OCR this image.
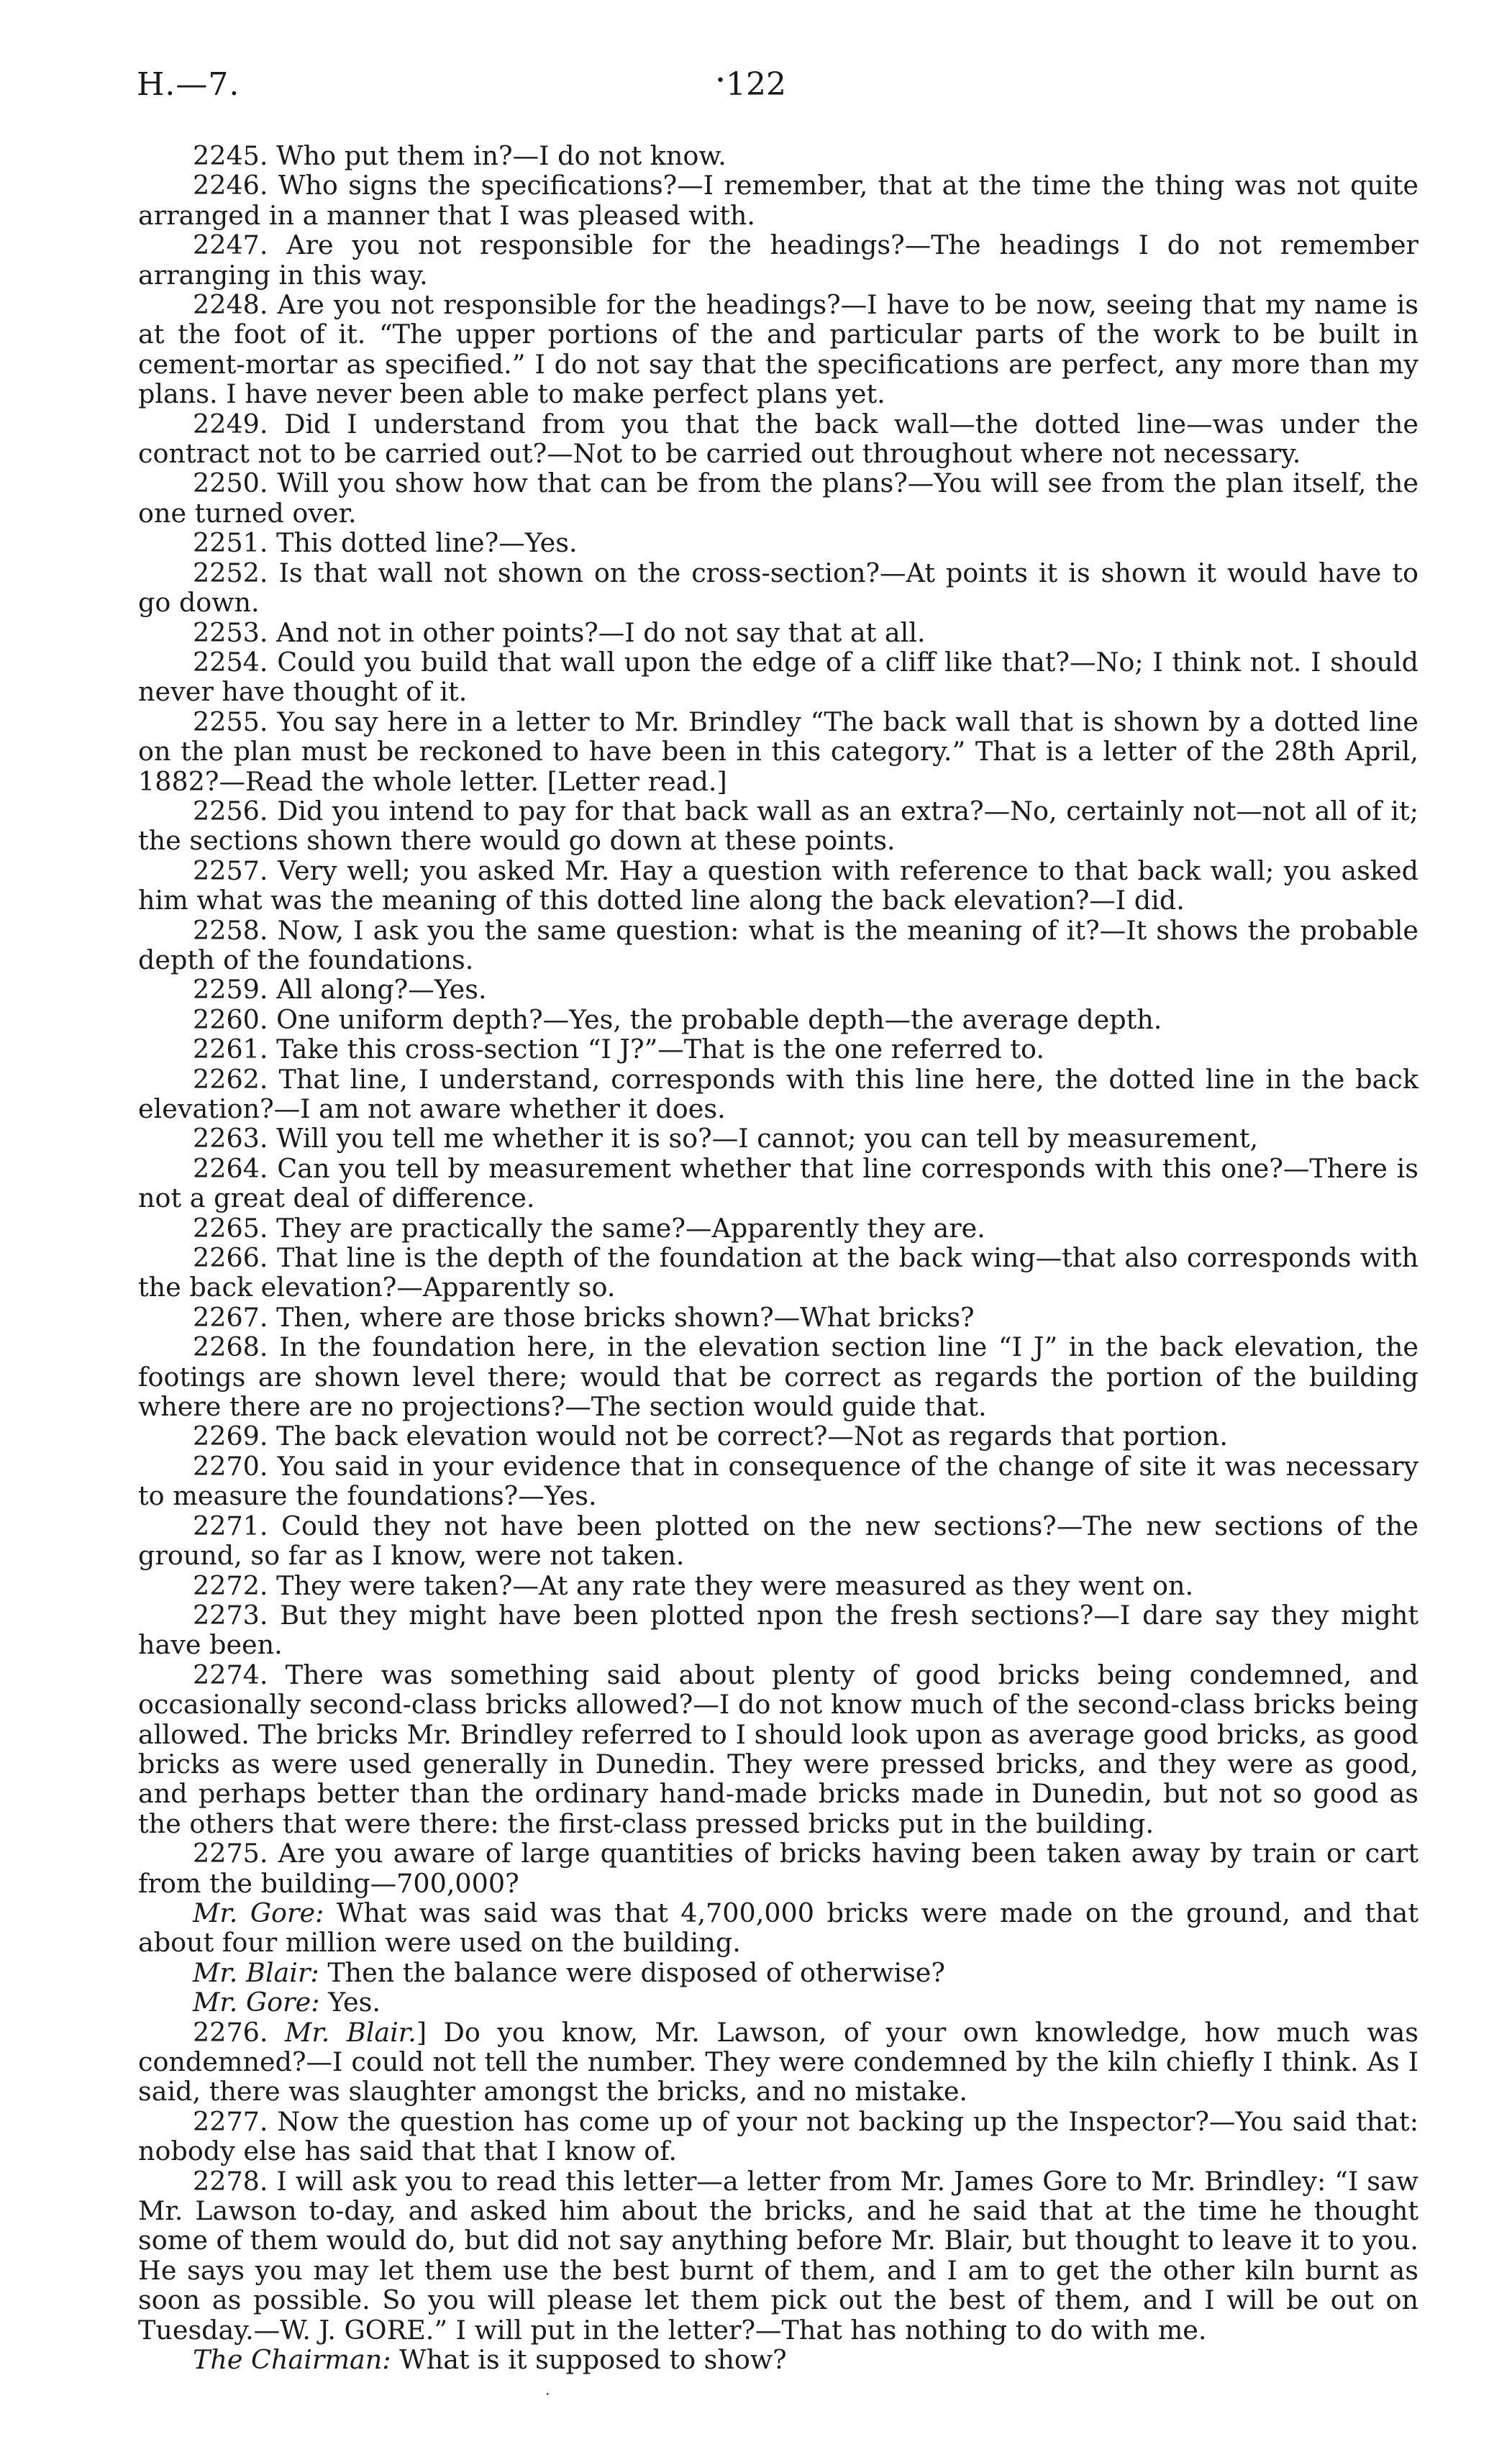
H.—7.	122
•

2245. Who put them in?—I do not know.

2246. Who signs the specifications?—I remember, that at the time the thing was not quite arranged in a manner that I was pleased with.

2247. Are you not responsible for the headings?—The headings I do not remember arranging in this way.

2248. Are you not responsible for the headings?—I have to be now, seeing that my name is at the foot of it. “The upper portions of the and particular parts of the work to be built in cement-mortar as specified.” I do not say that the specifications are perfect, any more than my plans. I have never been able to make perfect plans yet.

2249. Did I understand from you that the back wall—the dotted line—was under the contract not to be carried out?—Not to be carried out throughout where not necessary.

2250. Will you show how that can be from the plans?—You will see from the plan itself, the one turned over.

2251. This dotted line?—Yes.

2252. Is that wall not shown on the cross-section?—At points it is shown it would have to go down.

2253. And not in other points?—I do not say that at all.

2254. Could you build that wall upon the edge of a cliff like that?—No; I think not. I should never have thought of it.

2255. You say here in a letter to Mr. Brindley “The back wall that is shown by a dotted line on the plan must be reckoned to have been in this category.” That is a letter of the 28th April, 1882?—Read the whole letter. [Letter read.]

2256. Did you intend to pay for that back wall as an extra?—No, certainly not—not all of it; the sections shown there would go down at these points.

2257. Very well; you asked Mr. Hay a question with reference to that back wall; you asked him what was the meaning of this dotted line along the back elevation?—I did.

2258. Now, I ask you the same question: what is the meaning of it?—It shows the probable depth of the foundations.

2259. All along?—Yes.

2260. One uniform depth?—Yes, the probable depth—the average depth.

2261. Take this cross-section “I J?”—That is the one referred to.

2262. That line, I understand, corresponds with this line here, the dotted line in the back elevation?—I am not aware whether it does.

2263. Will you tell me whether it is so?—I cannot; you can tell by measurement,

2264. Can you tell by measurement whether that line corresponds with this one?—There is not a great deal of difference.

2265. They are practically the same?—Apparently they are.

2266. That line is the depth of the foundation at the back wing—that also corresponds with the back elevation?—Apparently so.

2267. Then, where are those bricks shown?—What bricks?

2268. In the foundation here, in the elevation section line “I J” in the back elevation, the footings are shown level there; would that be correct as regards the portion of the building where there are no projections?—The section would guide that.

2269. The back elevation would not be correct?—Not as regards that portion.

2270. You said in your evidence that in consequence of the change of site it was necessary to measure the foundations?—Yes.

2271. Could they not have been plotted on the new sections?—The new sections of the ground, so far as I know, were not taken.

2272. They were taken?—At any rate they were measured as they went on.

2273. But they might have been plotted npon the fresh sections?—I dare say they might have been.

2274. There was something said about plenty of good bricks being condemned, and occasionally second-class bricks allowed?—I do not know much of the second-class bricks being allowed. The bricks Mr. Brindley referred to I should look upon as average good bricks, as good bricks as were used generally in Dunedin. They were pressed bricks, and they were as good, and perhaps better than the ordinary hand-made bricks made in Dunedin, but not so good as the others that were there: the first-class pressed bricks put in the building.

2275. Are you aware of large quantities of bricks having been taken away by train or cart from the building—700,000?

Mr. Gore: What was said was that 4,700,000 bricks were made on the ground, and that about four million were used on the building.

Mr. Blair: Then the balance were disposed of otherwise?

Mr. Gore: Yes.

2276. Mr. Blair.] Do you know, Mr. Lawson, of your own knowledge, how much was condemned?—I could not tell the number. They were condemned by the kiln chiefly I think. As I said, there was slaughter amongst the bricks, and no mistake.

2277. Now the question has come up of your not backing up the Inspector?—You said that: nobody else has said that that I know of.

2278. I will ask you to read this letter—a letter from Mr. James Gore to Mr. Brindley: “I saw Mr. Lawson to-day, and asked him about the bricks, and he said that at the time he thought some of them would do, but did not say anything before Mr. Blair, but thought to leave it to you. He says you may let them use the best burnt of them, and I am to get the other kiln burnt as soon as possible. So you will please let them pick out the best of them, and I will be out on Tuesday.—W. J. GORE.” I will put in the letter?—That has nothing to do with me.

The Chairman: What is it supposed to show?

·
